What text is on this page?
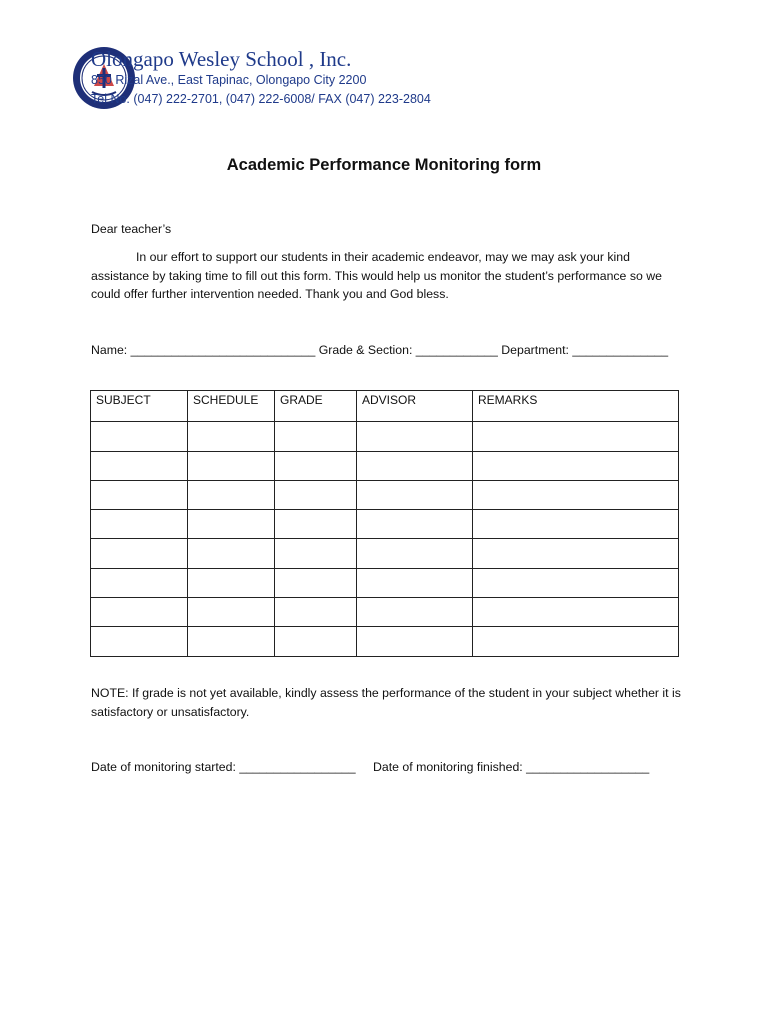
Olongapo Wesley School , Inc.
850 Rizal Ave., East Tapinac, Olongapo City 2200
Tel No. (047) 222-2701, (047) 222-6008/ FAX (047) 223-2804
Academic Performance Monitoring form
Dear teacher’s
In our effort to support our students in their academic endeavor, may we may ask your kind assistance by taking time to fill out this form. This would help us monitor the student’s performance so we could offer further intervention needed. Thank you and God bless.
Name: ___________________________ Grade & Section: ____________ Department: ______________
SUBJECT	SCHEDULE	GRADE	ADVISOR	REMARKS

NOTE: If grade is not yet available, kindly assess the performance of the student in your subject whether it is satisfactory or unsatisfactory.
Date of monitoring started: _________________ Date of monitoring finished: __________________
